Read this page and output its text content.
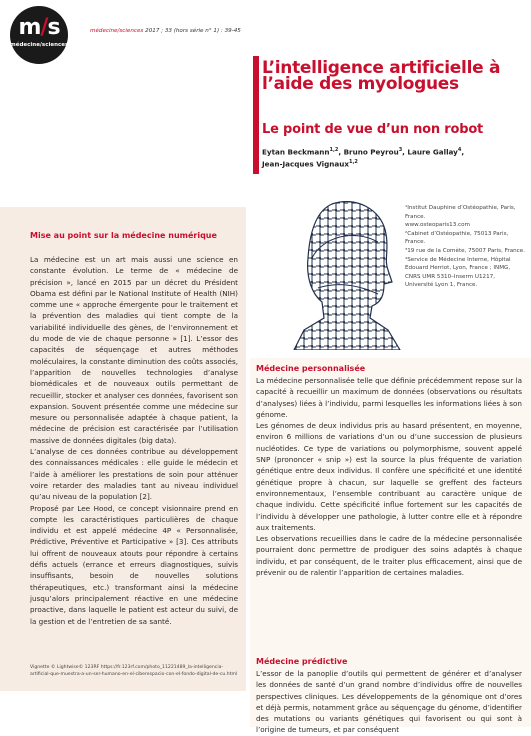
m/s
médecine/sciences
médecine/sciences 2017 ; 33 (hors série n° 1) : 39-45
L’intelligence artificielle à l’aide des myologues
Le point de vue d’un non robot
Eytan Beckmann$^{1,2}$, Bruno Peyrou$^3$, Laure Gallay$^4$,
Jean-Jacques Vignaux$^{1,2}$
Mise au point sur la médecine numérique

La médecine est un art mais aussi une science en constante évolution. Le terme de « médecine de précision », lancé en 2015 par un décret du Président Obama est défini par le National Institute of Health (NIH) comme une « approche émergente pour le traitement et la prévention des maladies qui tient compte de la variabilité individuelle des gènes, de l’environnement et du mode de vie de chaque personne » [1]. L’essor des capacités de séquençage et autres méthodes moléculaires, la constante diminution des coûts associés, l’apparition de nouvelles technologies d’analyse biomédicales et de nouveaux outils permettant de recueillir, stocker et analyser ces données, favorisent son expansion. Souvent présentée comme une médecine sur mesure ou personnalisée adaptée à chaque patient, la médecine de précision est caractérisée par l’utilisation massive de données digitales (big data).

L’analyse de ces données contribue au développement des connaissances médicales : elle guide le médecin et l’aide à améliorer les prestations de soin pour atténuer voire retarder des maladies tant au niveau individuel qu’au niveau de la population [2].

Proposé par Lee Hood, ce concept visionnaire prend en compte les caractéristiques particulières de chaque individu et est appelé médecine 4P « Personnalisée, Prédictive, Préventive et Participative » [3]. Ces attributs lui offrent de nouveaux atouts pour répondre à certains défis actuels (errance et erreurs diagnostiques, suivis insuffisants, besoin de nouvelles solutions thérapeutiques, etc.) transformant ainsi la médecine jusqu’alors principalement réactive en une médecine proactive, dans laquelle le patient est acteur du suivi, de la gestion et de l’entretien de sa santé.

Vignette © Lightwise© 123RF https://fr.123rf.com/photo_11221489_la-intelligencia-artificial-que-muestra-a-un-ser-humano-en-el-ciberespacio-con-el-fondo-digital-de-cu.html
¹Institut Dauphine d’Ostéopathie, Paris, France.
www.osteoparis13.com
²Cabinet d’Ostéopathie, 75013 Paris, France.
³19 rue de la Comète, 75007 Paris, France.
⁴Service de Médecine Interne, Hôpital Edouard Herriot, Lyon, France ; INMG, CNRS UMR 5310–Inserm U1217, Université Lyon 1, France.
Médecine personnalisée

La médecine personnalisée telle que définie précédemment repose sur la capacité à recueillir un maximum de données (observations ou résultats d’analyses) liées à l’individu, parmi lesquelles les informations liées à son génome.

Les génomes de deux individus pris au hasard présentent, en moyenne, environ 6 millions de variations d’un ou d’une succession de plusieurs nucléotides. Ce type de variations ou polymorphisme, souvent appelé SNP (prononcer « snip ») est la source la plus fréquente de variation génétique entre deux individus. Il confère une spécificité et une identité génétique propre à chacun, sur laquelle se greffent des facteurs environnementaux, l’ensemble contribuant au caractère unique de chaque individu. Cette spécificité influe fortement sur les capacités de l’individu à développer une pathologie, à lutter contre elle et à répondre aux traitements.

Les observations recueillies dans le cadre de la médecine personnalisée pourraient donc permettre de prodiguer des soins adaptés à chaque individu, et par conséquent, de le traiter plus efficacement, ainsi que de prévenir ou de ralentir l’apparition de certaines maladies.

Médecine prédictive

L’essor de la panoplie d’outils qui permettent de générer et d’analyser les données de santé d’un grand nombre d’individus offre de nouvelles perspectives cliniques. Les développements de la génomique ont d’ores et déjà permis, notamment grâce au séquençage du génome, d’identifier des mutations ou variants génétiques qui favorisent ou qui sont à l’origine de tumeurs, et par conséquent
